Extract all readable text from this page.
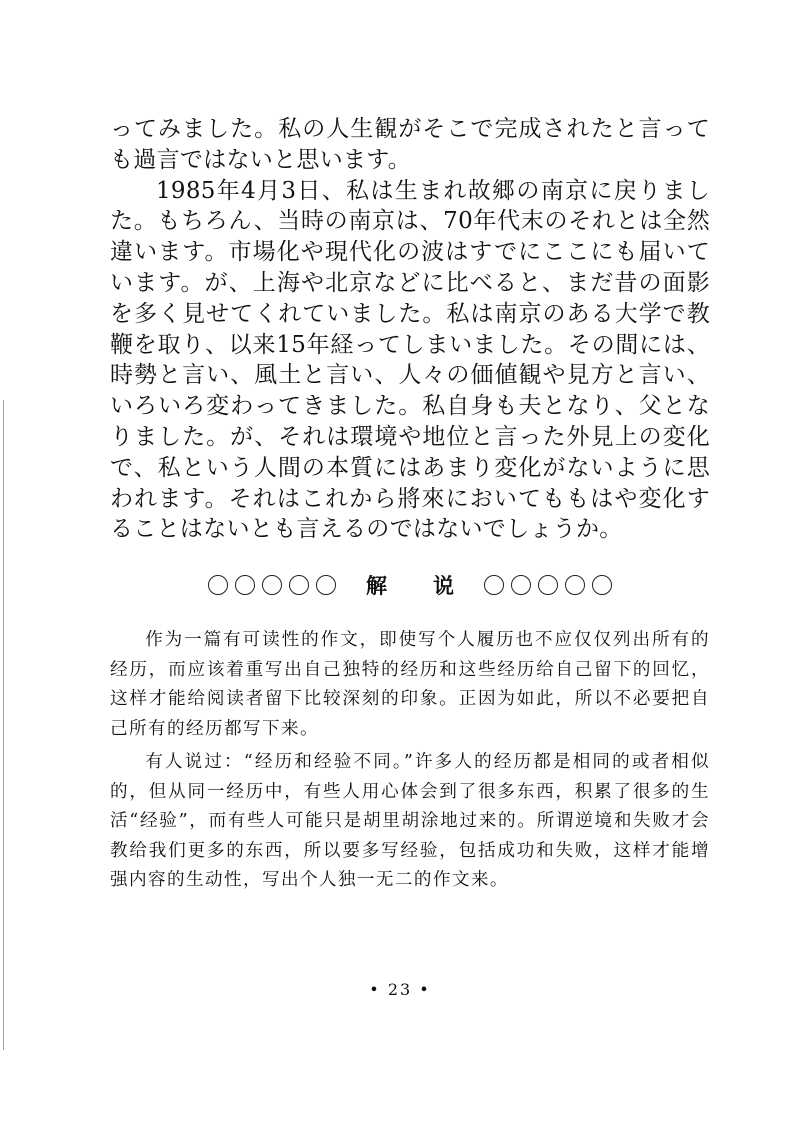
ってみました。私の人生観がそこで完成されたと言っても過言ではないと思います。

1985年4月3日、私は生まれ故郷の南京に戻りました。もちろん、当時の南京は、70年代末のそれとは全然違います。市場化や現代化の波はすでにここにも届いています。が、上海や北京などに比べると、まだ昔の面影を多く見せてくれていました。私は南京のある大学で教鞭を取り、以来15年経ってしまいました。その間には、時勢と言い、風土と言い、人々の価値観や見方と言い、いろいろ変わってきました。私自身も夫となり、父となりました。が、それは環境や地位と言った外見上の変化で、私という人間の本質にはあまり変化がないように思われます。それはこれから將來においてももはや変化することはないとも言えるのではないでしょうか。

解 说

作为一篇有可读性的作文，即使写个人履历也不应仅仅列出所有的经历，而应该着重写出自己独特的经历和这些经历给自己留下的回忆，这样才能给阅读者留下比较深刻的印象。正因为如此，所以不必要把自己所有的经历都写下来。

有人说过：“经历和经验不同。”许多人的经历都是相同的或者相似的，但从同一经历中，有些人用心体会到了很多东西，积累了很多的生活“经验”，而有些人可能只是胡里胡涂地过来的。所谓逆境和失败才会教给我们更多的东西，所以要多写经验，包括成功和失败，这样才能增强内容的生动性，写出个人独一无二的作文来。

• 23 •
